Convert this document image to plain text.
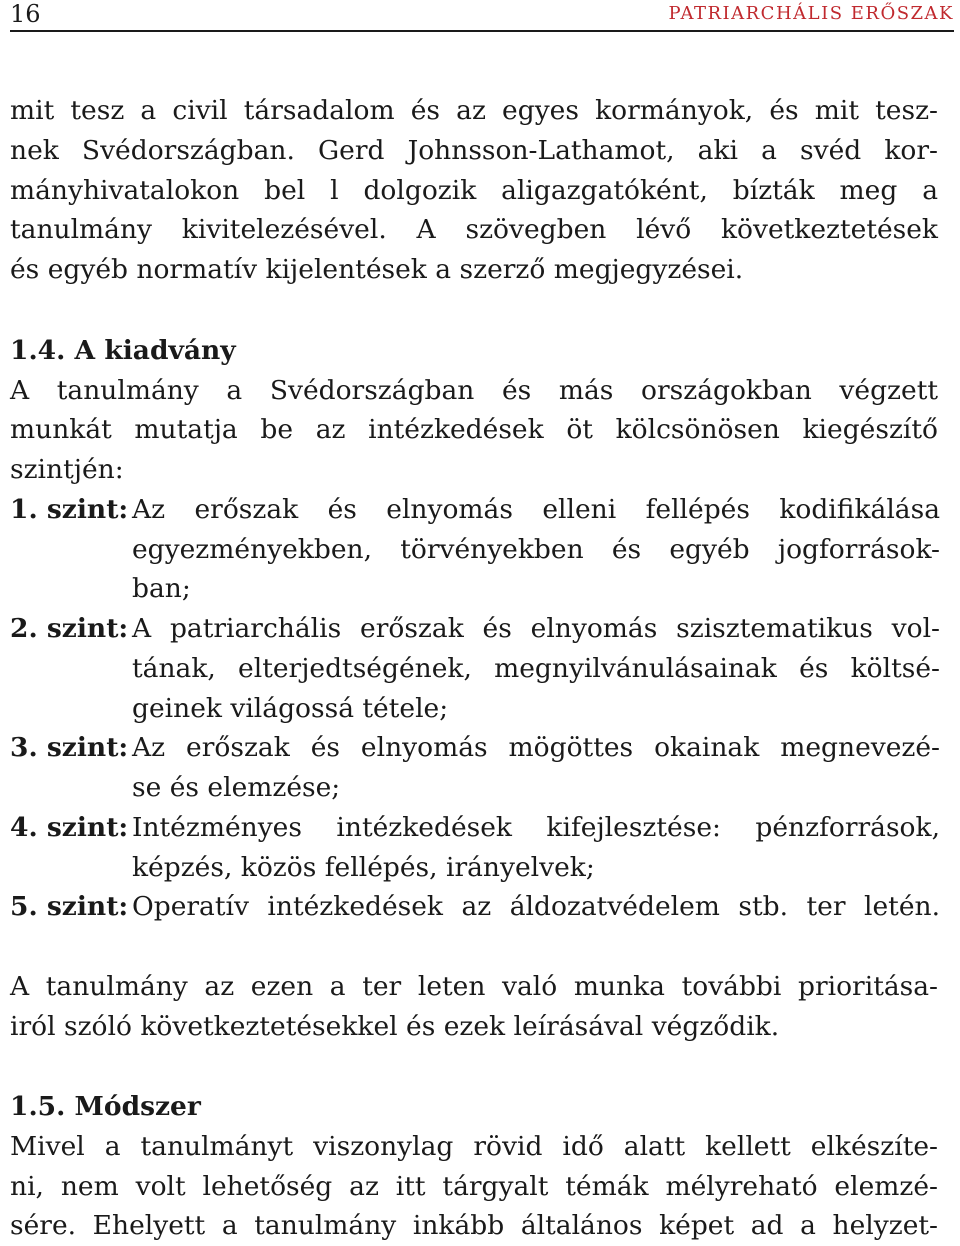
16	PATRIARCHÁLIS ERŐSZAK
mit tesz a civil társadalom és az egyes kormányok, és mit tesz-
nek Svédországban. Gerd Johnsson-Lathamot, aki a svéd kor-
mányhivatalokon bel l dolgozik aligazgatóként, bízták meg a
tanulmány kivitelezésével. A szövegben lévő következtetések
és egyéb normatív kijelentések a szerző megjegyzései.
1.4. A kiadvány
A tanulmány a Svédországban és más országokban végzett
munkát mutatja be az intézkedések öt kölcsönösen kiegészítő
szintjén:
1. szint: Az erőszak és elnyomás elleni fellépés kodifikálása
egyezményekben, törvényekben és egyéb jogforrások-
ban;
2. szint: A patriarchális erőszak és elnyomás szisztematikus vol-
tának, elterjedtségének, megnyilvánulásainak és költsé-
geinek világossá tétele;
3. szint: Az erőszak és elnyomás mögöttes okainak megnevezé-
se és elemzése;
4. szint: Intézményes intézkedések kifejlesztése: pénzforrások,
képzés, közös fellépés, irányelvek;
5. szint: Operatív intézkedések az áldozatvédelem stb. ter letén.
A tanulmány az ezen a ter leten való munka további prioritása-
iról szóló következtetésekkel és ezek leírásával végződik.
1.5. Módszer
Mivel a tanulmányt viszonylag rövid idő alatt kellett elkészíte-
ni, nem volt lehetőség az itt tárgyalt témák mélyreható elemzé-
sére. Ehelyett a tanulmány inkább általános képet ad a helyzet-
